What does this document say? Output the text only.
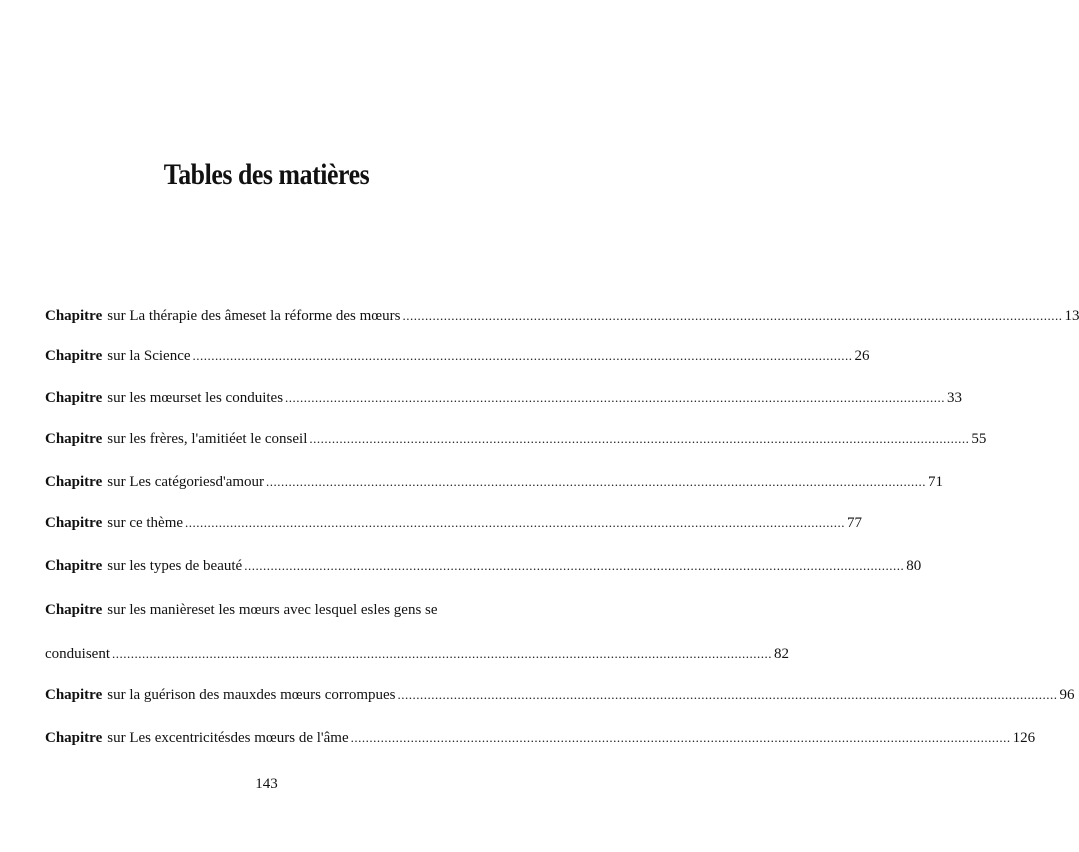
Tables des matières
Chapitre sur La thérapie des âmeset la réforme des mœurs .....	13
Chapitre sur la Science .....	26
Chapitre sur les mœurset les conduites .....	33
Chapitre sur les frères, l'amitiéet le conseil .....	55
Chapitre sur Les catégoriesd'amour .....	71
Chapitre sur ce thème .....	77
Chapitre sur les types de beauté .....	80
Chapitre sur les manièreset les mœurs avec lesquel esles gens se
conduisent .....	82
Chapitre sur la guérison des mauxdes mœurs corrompues .....	96
Chapitre sur Les excentricitésdes mœurs de l'âme .....	126
143
